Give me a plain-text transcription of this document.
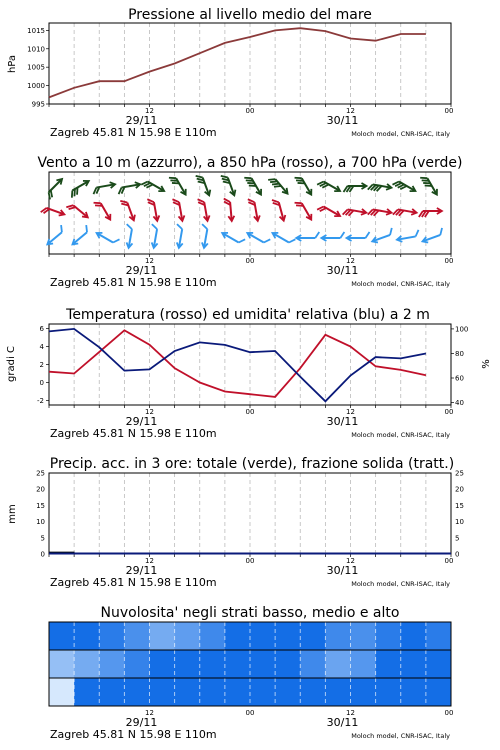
Pressione al livello medio del mare
995
1000
1005
1010
1015
hPa
12	00	12	00
29/11	30/11
Zagreb 45.81 N 15.98 E 110m	Moloch model, CNR-ISAC, Italy
Vento a 10 m (azzurro), a 850 hPa (rosso), a 700 hPa (verde)
12	00	12	00
29/11	30/11
Zagreb 45.81 N 15.98 E 110m	Moloch model, CNR-ISAC, Italy
Temperatura (rosso) ed umidita' relativa (blu) a 2 m
-2
0
2
4
6
40
60
80
100
gradi C	%
12	00	12	00
29/11	30/11
Zagreb 45.81 N 15.98 E 110m	Moloch model, CNR-ISAC, Italy
Precip. acc. in 3 ore: totale (verde), frazione solida (tratt.)
0	0
5	5
10	10
15	15
20	20
25	25
mm
12	00	12	00
29/11	30/11
Zagreb 45.81 N 15.98 E 110m	Moloch model, CNR-ISAC, Italy
Nuvolosita' negli strati basso, medio e alto
12	00	12	00
29/11	30/11
Zagreb 45.81 N 15.98 E 110m	Moloch model, CNR-ISAC, Italy
